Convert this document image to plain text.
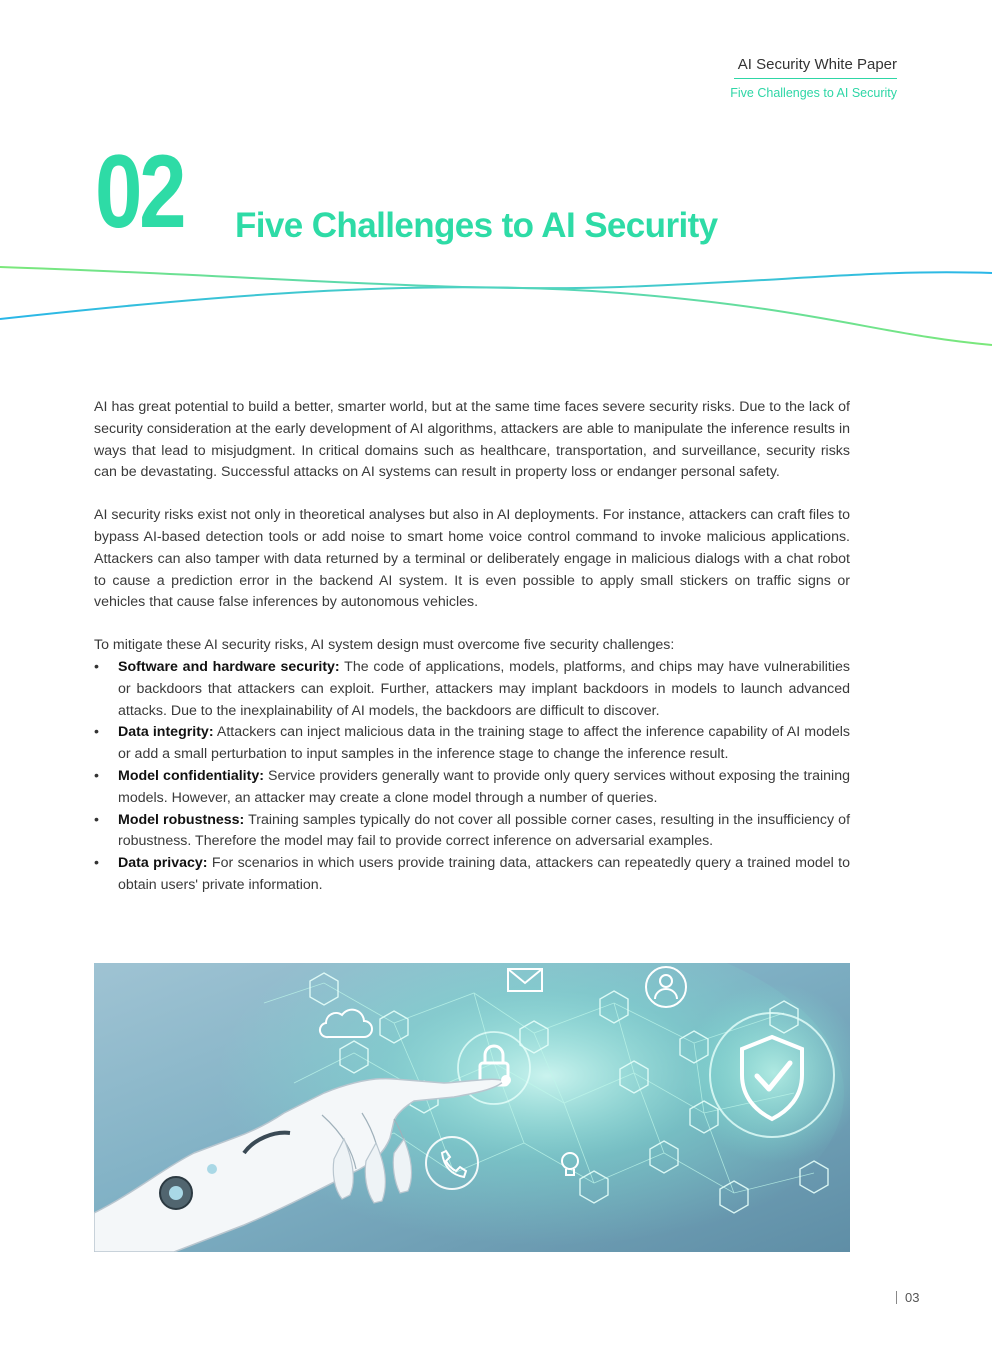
AI Security White Paper
Five Challenges to AI Security
02	Five Challenges to AI Security

AI has great potential to build a better, smarter world, but at the same time faces severe security risks. Due to the lack of security consideration at the early development of AI algorithms, attackers are able to manipulate the inference results in ways that lead to misjudgment. In critical domains such as healthcare, transportation, and surveillance, security risks can be devastating. Successful attacks on AI systems can result in property loss or endanger personal safety.

AI security risks exist not only in theoretical analyses but also in AI deployments. For instance, attackers can craft files to bypass AI-based detection tools or add noise to smart home voice control command to invoke malicious applications. Attackers can also tamper with data returned by a terminal or deliberately engage in malicious dialogs with a chat robot to cause a prediction error in the backend AI system. It is even possible to apply small stickers on traffic signs or vehicles that cause false inferences by autonomous vehicles.

To mitigate these AI security risks, AI system design must overcome five security challenges:

• Software and hardware security: The code of applications, models, platforms, and chips may have vulnerabilities or backdoors that attackers can exploit. Further, attackers may implant backdoors in models to launch advanced attacks. Due to the inexplainability of AI models, the backdoors are difficult to discover.
• Data integrity: Attackers can inject malicious data in the training stage to affect the inference capability of AI models or add a small perturbation to input samples in the inference stage to change the inference result.
• Model confidentiality: Service providers generally want to provide only query services without exposing the training models. However, an attacker may create a clone model through a number of queries.
• Model robustness: Training samples typically do not cover all possible corner cases, resulting in the insufficiency of robustness. Therefore the model may fail to provide correct inference on adversarial examples.
• Data privacy: For scenarios in which users provide training data, attackers can repeatedly query a trained model to obtain users' private information.
03
